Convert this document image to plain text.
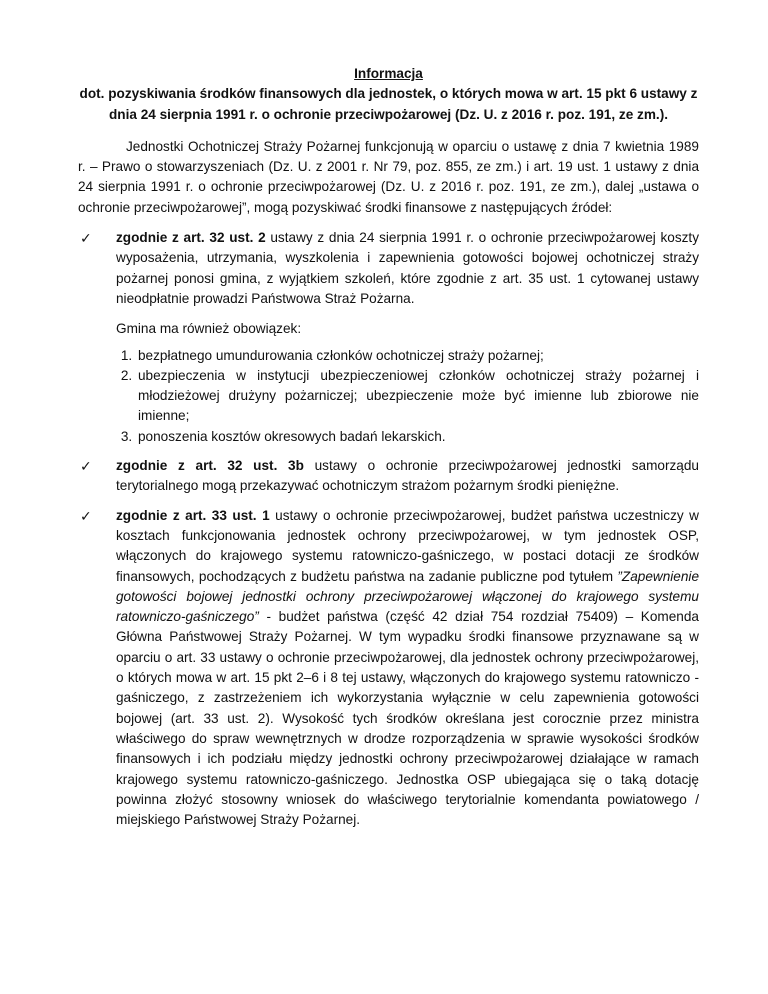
Informacja
dot. pozyskiwania środków finansowych dla jednostek, o których mowa w art. 15 pkt 6 ustawy z dnia 24 sierpnia 1991 r. o ochronie przeciwpożarowej (Dz. U. z 2016 r. poz. 191, ze zm.).

Jednostki Ochotniczej Straży Pożarnej funkcjonują w oparciu o ustawę z dnia 7 kwietnia 1989 r. – Prawo o stowarzyszeniach (Dz. U. z 2001 r. Nr 79, poz. 855, ze zm.) i art. 19 ust. 1 ustawy z dnia 24 sierpnia 1991 r. o ochronie przeciwpożarowej (Dz. U. z 2016 r. poz. 191, ze zm.), dalej „ustawa o ochronie przeciwpożarowej”, mogą pozyskiwać środki finansowe z następujących źródeł:

✓ zgodnie z art. 32 ust. 2 ustawy z dnia 24 sierpnia 1991 r. o ochronie przeciwpożarowej koszty wyposażenia, utrzymania, wyszkolenia i zapewnienia gotowości bojowej ochotniczej straży pożarnej ponosi gmina, z wyjątkiem szkoleń, które zgodnie z art. 35 ust. 1 cytowanej ustawy nieodpłatnie prowadzi Państwowa Straż Pożarna.

Gmina ma również obowiązek:

1. bezpłatnego umundurowania członków ochotniczej straży pożarnej;
2. ubezpieczenia w instytucji ubezpieczeniowej członków ochotniczej straży pożarnej i młodzieżowej drużyny pożarniczej; ubezpieczenie może być imienne lub zbiorowe nie imienne;
3. ponoszenia kosztów okresowych badań lekarskich.
✓ zgodnie z art. 32 ust. 3b ustawy o ochronie przeciwpożarowej jednostki samorządu terytorialnego mogą przekazywać ochotniczym strażom pożarnym środki pieniężne.

✓ zgodnie z art. 33 ust. 1 ustawy o ochronie przeciwpożarowej, budżet państwa uczestniczy w kosztach funkcjonowania jednostek ochrony przeciwpożarowej, w tym jednostek OSP, włączonych do krajowego systemu ratowniczo-gaśniczego, w postaci dotacji ze środków finansowych, pochodzących z budżetu państwa na zadanie publiczne pod tytułem ”Zapewnienie gotowości bojowej jednostki ochrony przeciwpożarowej włączonej do krajowego systemu ratowniczo-gaśniczego” - budżet państwa (część 42 dział 754 rozdział 75409) – Komenda Główna Państwowej Straży Pożarnej. W tym wypadku środki finansowe przyznawane są w oparciu o art. 33 ustawy o ochronie przeciwpożarowej, dla jednostek ochrony przeciwpożarowej, o których mowa w art. 15 pkt 2–6 i 8 tej ustawy, włączonych do krajowego systemu ratowniczo - gaśniczego, z zastrzeżeniem ich wykorzystania wyłącznie w celu zapewnienia gotowości bojowej (art. 33 ust. 2). Wysokość tych środków określana jest corocznie przez ministra właściwego do spraw wewnętrznych w drodze rozporządzenia w sprawie wysokości środków finansowych i ich podziału między jednostki ochrony przeciwpożarowej działające w ramach krajowego systemu ratowniczo-gaśniczego. Jednostka OSP ubiegająca się o taką dotację powinna złożyć stosowny wniosek do właściwego terytorialnie komendanta powiatowego / miejskiego Państwowej Straży Pożarnej.
